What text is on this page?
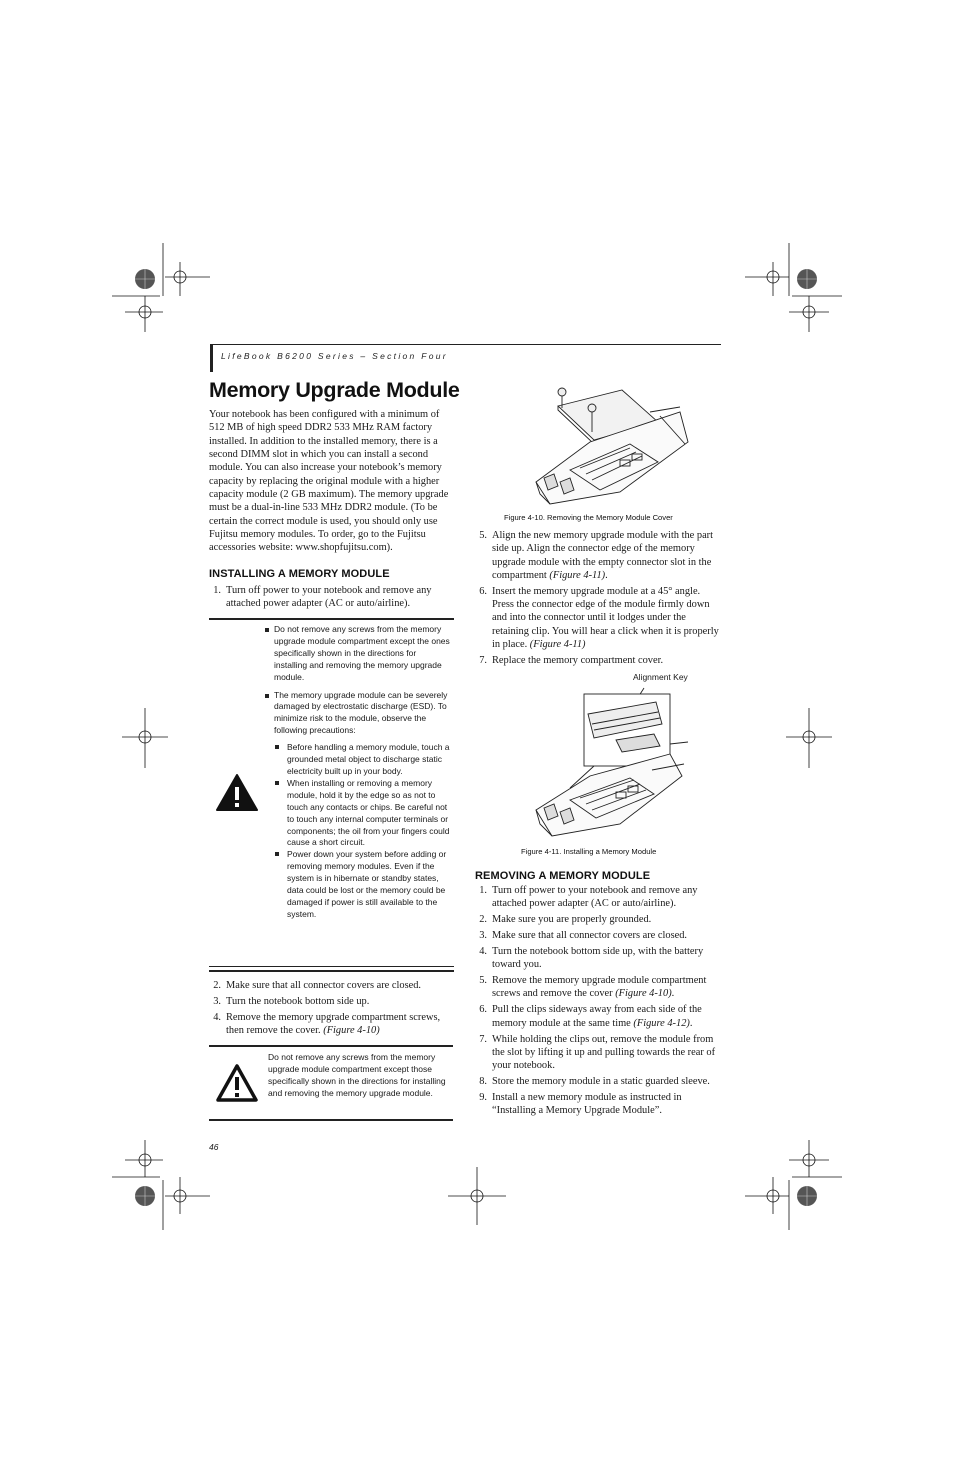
LifeBook B6200 Series – Section Four
Memory Upgrade Module
Your notebook has been configured with a minimum of 512 MB of high speed DDR2 533 MHz RAM factory installed. In addition to the installed memory, there is a second DIMM slot in which you can install a second module. You can also increase your notebook’s memory capacity by replacing the original module with a higher capacity module (2 GB maximum). The memory upgrade must be a dual-in-line 533 MHz DDR2 module. (To be certain the correct module is used, you should only use Fujitsu memory modules. To order, go to the Fujitsu accessories website: www.shopfujitsu.com).
INSTALLING A MEMORY MODULE
1. Turn off power to your notebook and remove any attached power adapter (AC or auto/airline).
Do not remove any screws from the memory upgrade module compartment except the ones specifically shown in the directions for installing and removing the memory upgrade module.
The memory upgrade module can be severely damaged by electrostatic discharge (ESD). To minimize risk to the module, observe the following precautions:
Before handling a memory module, touch a grounded metal object to discharge static electricity built up in your body.
When installing or removing a memory module, hold it by the edge so as not to touch any contacts or chips. Be careful not to touch any internal computer terminals or components; the oil from your fingers could cause a short circuit.
Power down your system before adding or removing memory modules. Even if the system is in hibernate or standby states, data could be lost or the memory could be damaged if power is still available to the system.
2. Make sure that all connector covers are closed.
3. Turn the notebook bottom side up.
4. Remove the memory upgrade compartment screws, then remove the cover. (Figure 4-10)
Do not remove any screws from the memory upgrade module compartment except those specifically shown in the directions for installing and removing the memory upgrade module.
Figure 4-10. Removing the Memory Module Cover
5. Align the new memory upgrade module with the part side up. Align the connector edge of the memory upgrade module with the empty connector slot in the compartment (Figure 4-11).
6. Insert the memory upgrade module at a 45° angle. Press the connector edge of the module firmly down and into the connector until it lodges under the retaining clip. You will hear a click when it is properly in place. (Figure 4-11)
7. Replace the memory compartment cover.
Alignment Key
Figure 4-11. Installing a Memory Module
REMOVING A MEMORY MODULE
1. Turn off power to your notebook and remove any attached power adapter (AC or auto/airline).
2. Make sure you are properly grounded.
3. Make sure that all connector covers are closed.
4. Turn the notebook bottom side up, with the battery toward you.
5. Remove the memory upgrade module compartment screws and remove the cover (Figure 4-10).
6. Pull the clips sideways away from each side of the memory module at the same time (Figure 4-12).
7. While holding the clips out, remove the module from the slot by lifting it up and pulling towards the rear of your notebook.
8. Store the memory module in a static guarded sleeve.
9. Install a new memory module as instructed in “Installing a Memory Upgrade Module”.
46
